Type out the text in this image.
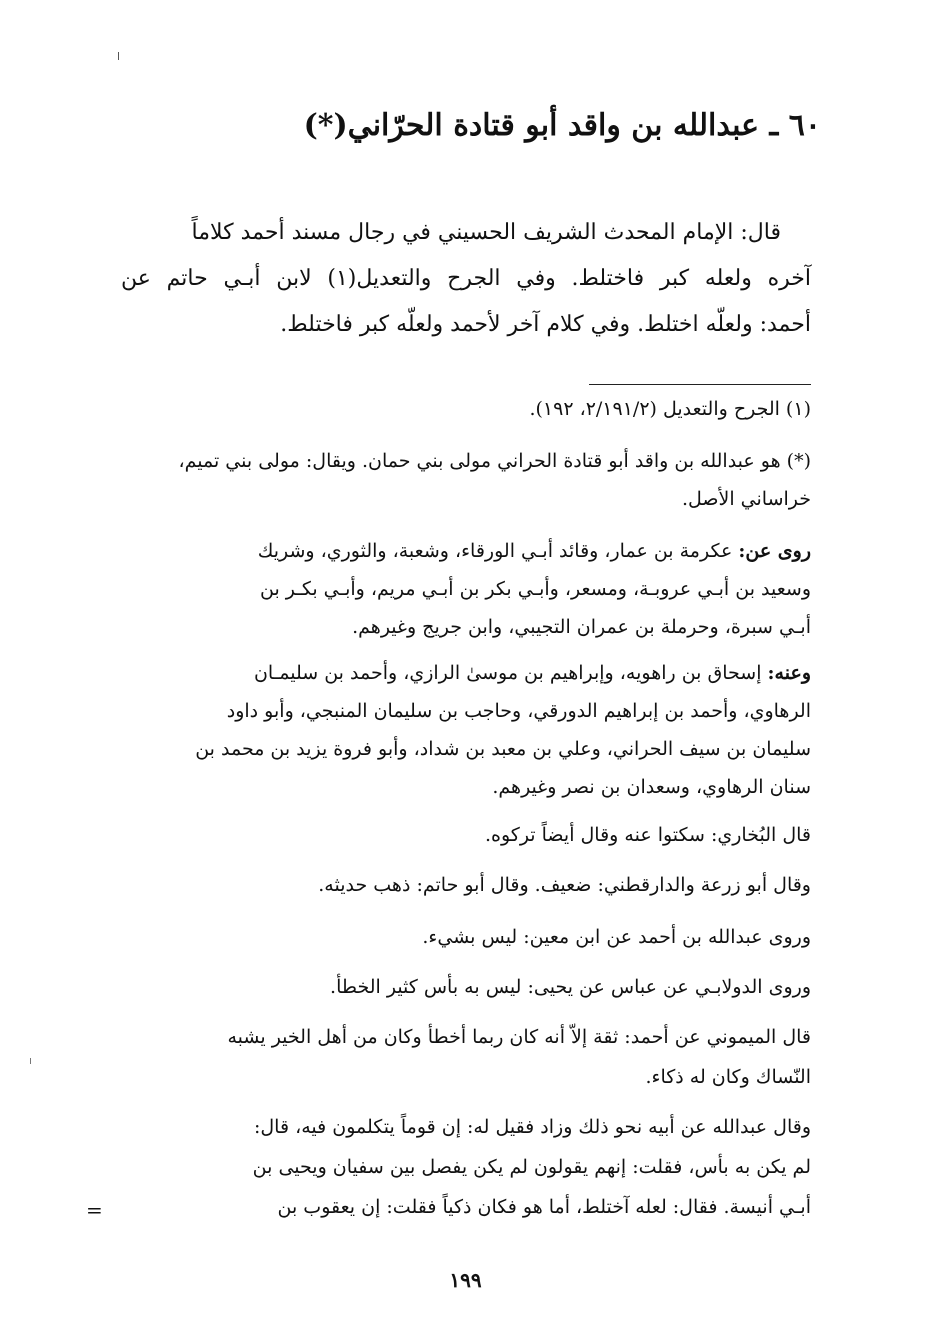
٦٠ ـ عبدالله بن واقد أبو قتادة الحرّاني(*)
قال: الإمام المحدث الشريف الحسيني في رجال مسند أحمد كلاماً
آخره ولعله كبر فاختلط. وفي الجرح والتعديل(١) لابن أبـي حاتم عن
أحمد: ولعلّه اختلط. وفي كلام آخر لأحمد ولعلّه كبر فاختلط.
(١) الجرح والتعديل (٢/١٩١/٢، ١٩٢).
(*) هو عبدالله بن واقد أبو قتادة الحراني مولى بني حمان. ويقال: مولى بني تميم،
خراساني الأصل.
روى عن: عكرمة بن عمار، وقائد أبـي الورقاء، وشعبة، والثوري، وشريك
وسعيد بن أبـي عروبـة، ومسعر، وأبـي بكر بن أبـي مريم، وأبـي بكـر بن
أبـي سبرة، وحرملة بن عمران التجيبي، وابن جريج وغيرهم.
وعنه: إسحاق بن راهويه، وإبراهيم بن موسىٰ الرازي، وأحمد بن سليمـان
الرهاوي، وأحمد بن إبراهيم الدورقي، وحاجب بن سليمان المنبجي، وأبو داود
سليمان بن سيف الحراني، وعلي بن معبد بن شداد، وأبو فروة يزيد بن محمد بن
سنان الرهاوي، وسعدان بن نصر وغيرهم.
قال البُخاري: سكتوا عنه وقال أيضاً تركوه.
وقال أبو زرعة والدارقطني: ضعيف. وقال أبو حاتم: ذهب حديثه.
وروى عبدالله بن أحمد عن ابن معين: ليس بشيء.
وروى الدولابـي عن عباس عن يحيى: ليس به بأس كثير الخطأ.
قال الميموني عن أحمد: ثقة إلاّ أنه كان ربما أخطأ وكان من أهل الخير يشبه
النّساك وكان له ذكاء.
وقال عبدالله عن أبيه نحو ذلك وزاد فقيل له: إن قوماً يتكلمون فيه، قال:
لم يكن به بأس، فقلت: إنهم يقولون لم يكن يفصل بين سفيان ويحيى بن
أبـي أنيسة. فقال: لعله آختلط، أما هو فكان ذكياً فقلت: إن يعقوب بن
=
١٩٩
